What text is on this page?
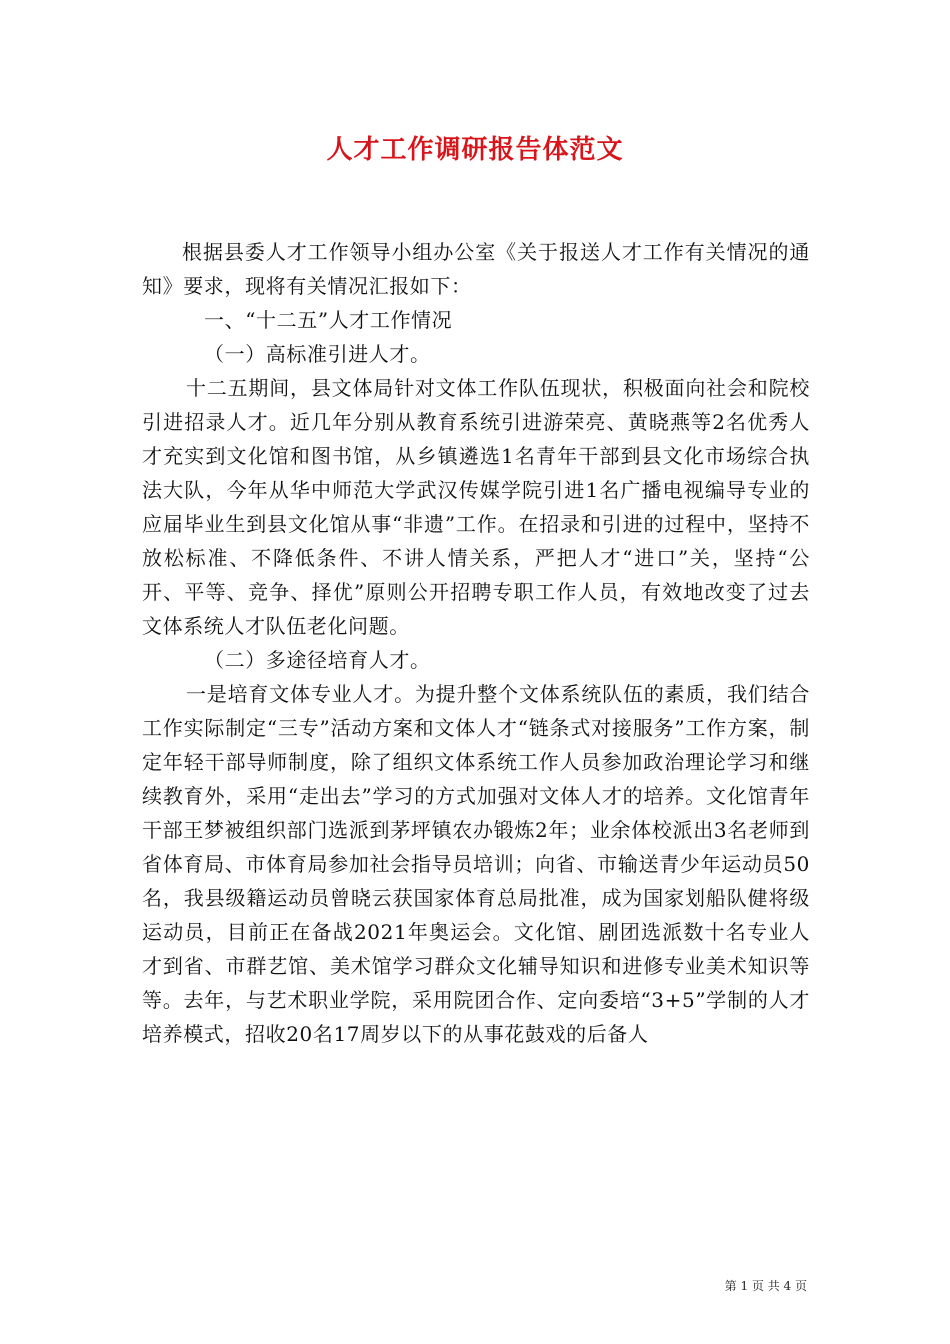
人才工作调研报告体范文

根据县委人才工作领导小组办公室《关于报送人才工作有关情况的通知》要求，现将有关情况汇报如下：

一、“十二五”人才工作情况

（一）高标准引进人才。

十二五期间，县文体局针对文体工作队伍现状，积极面向社会和院校引进招录人才。近几年分别从教育系统引进游荣亮、黄晓燕等2名优秀人才充实到文化馆和图书馆，从乡镇遴选1名青年干部到县文化市场综合执法大队，今年从华中师范大学武汉传媒学院引进1名广播电视编导专业的应届毕业生到县文化馆从事“非遗”工作。在招录和引进的过程中，坚持不放松标准、不降低条件、不讲人情关系，严把人才“进口”关，坚持“公开、平等、竞争、择优”原则公开招聘专职工作人员，有效地改变了过去文体系统人才队伍老化问题。

（二）多途径培育人才。

一是培育文体专业人才。为提升整个文体系统队伍的素质，我们结合工作实际制定“三专”活动方案和文体人才“链条式对接服务”工作方案，制定年轻干部导师制度，除了组织文体系统工作人员参加政治理论学习和继续教育外，采用“走出去”学习的方式加强对文体人才的培养。文化馆青年干部王梦被组织部门选派到茅坪镇农办锻炼2年；业余体校派出3名老师到省体育局、市体育局参加社会指导员培训；向省、市输送青少年运动员50名，我县级籍运动员曾晓云获国家体育总局批准，成为国家划船队健将级运动员，目前正在备战2021年奥运会。文化馆、剧团选派数十名专业人才到省、市群艺馆、美术馆学习群众文化辅导知识和进修专业美术知识等等。去年，与艺术职业学院，采用院团合作、定向委培“3+5”学制的人才培养模式，招收20名17周岁以下的从事花鼓戏的后备人

第 1 页 共 4 页
